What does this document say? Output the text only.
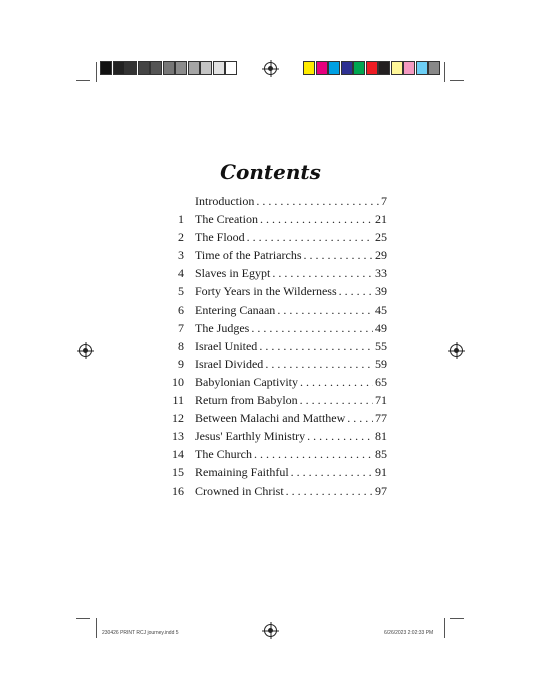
Contents
Introduction . . .	7
1 The Creation . . .	21
2 The Flood . . .	25
3 Time of the Patriarchs . . .	29
4 Slaves in Egypt . . .	33
5 Forty Years in the Wilderness . . .	39
6 Entering Canaan . . .	45
7 The Judges . . .	49
8 Israel United . . .	55
9 Israel Divided . . .	59
10 Babylonian Captivity . . .	65
11 Return from Babylon . . .	71
12 Between Malachi and Matthew . . . 77
13 Jesus' Earthly Ministry . . .	81
14 The Church . . .	85
15 Remaining Faithful . . .	91
16 Crowned in Christ . . .	97
230426 PRINT RCJ journey.indd 5	6/26/2023 2:02:33 PM
